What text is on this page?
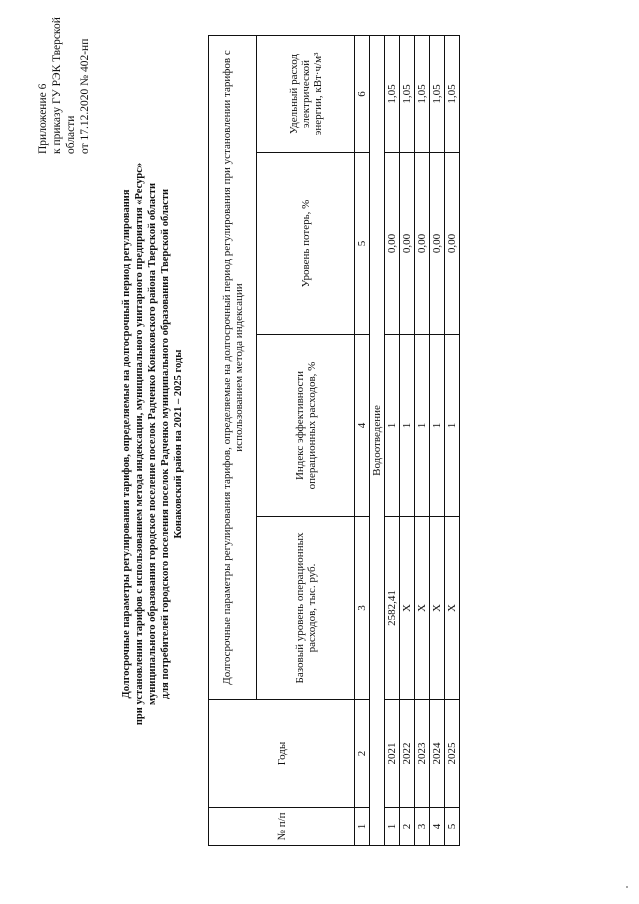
Приложение 6 к приказу ГУ РЭК Тверской области от 17.12.2020 № 402-нп
Долгосрочные параметры регулирования тарифов, определяемые на долгосрочный период регулирования при установлении тарифов с использованием метода индексации, муниципального унитарного предприятия «Ресурс» муниципального образования городское поселение поселок Радченко Конаковского района Тверской области для потребителей городского поселения поселок Радченко муниципального образования Тверской области Конаковский район на 2021 – 2025 годы
№ п/п	Годы	Долгосрочные параметры регулирования тарифов, определяемые на долгосрочный период регулирования при установлении тарифов с использованием метода индексации			
		Базовый уровень операционных расходов, тыс. руб.	Индекс эффективности операционных расходов, %	Уровень потерь, %	Удельный расход электрической энергии, кВт·ч/м³
1	2	3	4	5	6
Водоотведение					
1	2021	2582,41	1	0,00	1,05
2	2022	X	1	0,00	1,05
3	2023	X	1	0,00	1,05
4	2024	X	1	0,00	1,05
5	2025	X	1	0,00	1,05
